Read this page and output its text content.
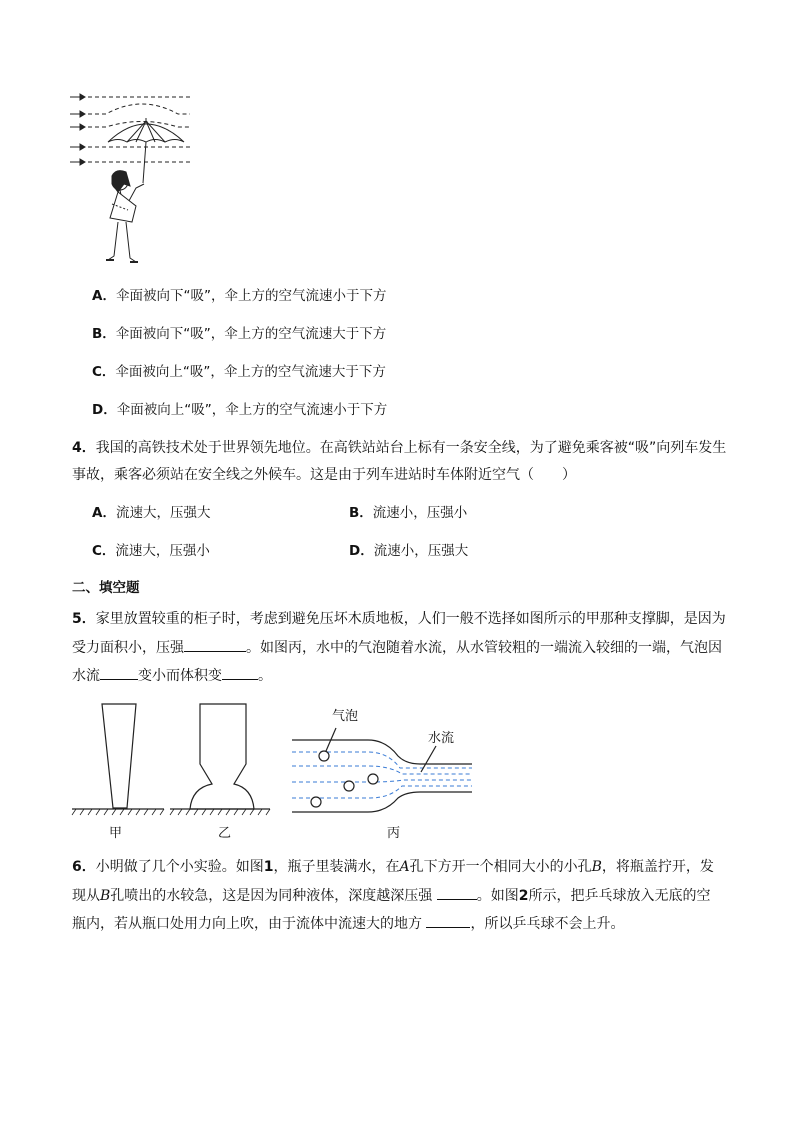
A．伞面被向下“吸”，伞上方的空气流速小于下方
B．伞面被向下“吸”，伞上方的空气流速大于下方
C．伞面被向上“吸”，伞上方的空气流速大于下方
D．伞面被向上“吸”，伞上方的空气流速小于下方
4．我国的高铁技术处于世界领先地位。在高铁站站台上标有一条安全线，为了避免乘客被“吸”向列车发生
事故，乘客必须站在安全线之外候车。这是由于列车进站时车体附近空气（　　）
A．流速大，压强大	B．流速小，压强小
C．流速大，压强小	D．流速小，压强大
二、填空题
5．家里放置较重的柜子时，考虑到避免压坏木质地板，人们一般不选择如图所示的甲那种支撑脚，是因为
受力面积小，压强	。如图丙，水中的气泡随着水流，从水管较粗的一端流入较细的一端，气泡因
水流	变小而体积变	。
甲	乙
气泡
水流
丙
6．小明做了几个小实验。如图1，瓶子里装满水，在A孔下方开一个相同大小的小孔B，将瓶盖拧开，发
现从B孔喷出的水较急，这是因为同种液体，深度越深压强	。如图2所示，把乒乓球放入无底的空
瓶内，若从瓶口处用力向上吹，由于流体中流速大的地方	，所以乒乓球不会上升。
